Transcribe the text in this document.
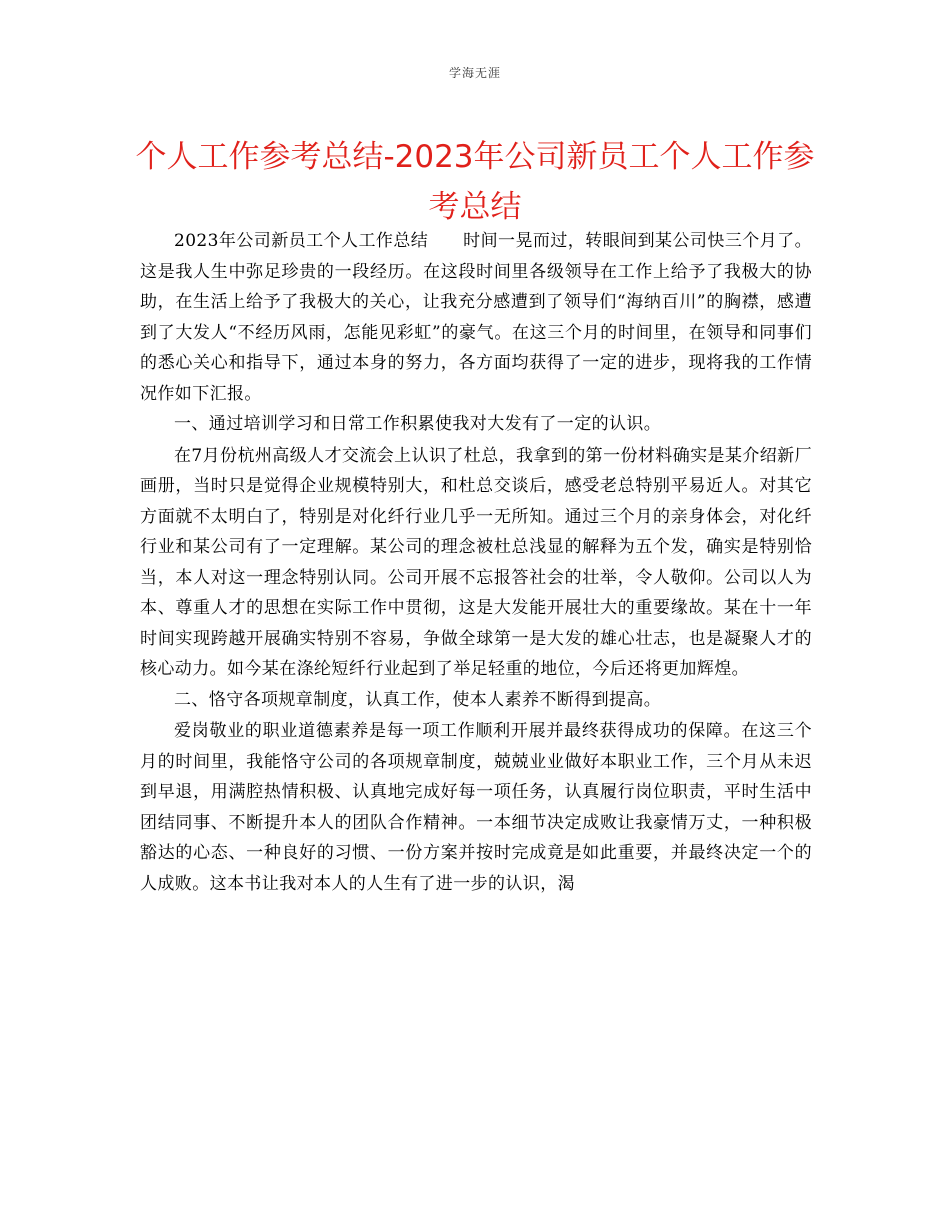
学海无涯
个人工作参考总结-2023年公司新员工个人工作参考总结

2023年公司新员工个人工作总结　　时间一晃而过，转眼间到某公司快三个月了。这是我人生中弥足珍贵的一段经历。在这段时间里各级领导在工作上给予了我极大的协助，在生活上给予了我极大的关心，让我充分感遭到了领导们“海纳百川”的胸襟，感遭到了大发人“不经历风雨，怎能见彩虹”的豪气。在这三个月的时间里，在领导和同事们的悉心关心和指导下，通过本身的努力，各方面均获得了一定的进步，现将我的工作情况作如下汇报。

一、通过培训学习和日常工作积累使我对大发有了一定的认识。

在7月份杭州高级人才交流会上认识了杜总，我拿到的第一份材料确实是某介绍新厂画册，当时只是觉得企业规模特别大，和杜总交谈后，感受老总特别平易近人。对其它方面就不太明白了，特别是对化纤行业几乎一无所知。通过三个月的亲身体会，对化纤行业和某公司有了一定理解。某公司的理念被杜总浅显的解释为五个发，确实是特别恰当，本人对这一理念特别认同。公司开展不忘报答社会的壮举，令人敬仰。公司以人为本、尊重人才的思想在实际工作中贯彻，这是大发能开展壮大的重要缘故。某在十一年时间实现跨越开展确实特别不容易，争做全球第一是大发的雄心壮志，也是凝聚人才的核心动力。如今某在涤纶短纤行业起到了举足轻重的地位，今后还将更加辉煌。

二、恪守各项规章制度，认真工作，使本人素养不断得到提高。

爱岗敬业的职业道德素养是每一项工作顺利开展并最终获得成功的保障。在这三个月的时间里，我能恪守公司的各项规章制度，兢兢业业做好本职业工作，三个月从未迟到早退，用满腔热情积极、认真地完成好每一项任务，认真履行岗位职责，平时生活中团结同事、不断提升本人的团队合作精神。一本细节决定成败让我豪情万丈，一种积极豁达的心态、一种良好的习惯、一份方案并按时完成竟是如此重要，并最终决定一个的人成败。这本书让我对本人的人生有了进一步的认识，渴
